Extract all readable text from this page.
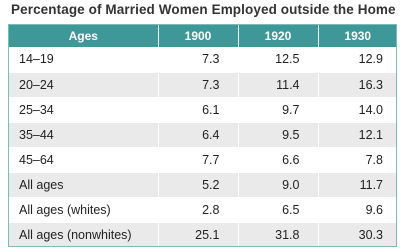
Percentage of Married Women Employed outside the Home
Ages	1900	1920	1930
14–19	7.3	12.5	12.9
20–24	7.3	11.4	16.3
25–34	6.1	9.7	14.0
35–44	6.4	9.5	12.1
45–64	7.7	6.6	7.8
All ages	5.2	9.0	11.7
All ages (whites)	2.8	6.5	9.6
All ages (nonwhites)	25.1	31.8	30.3
